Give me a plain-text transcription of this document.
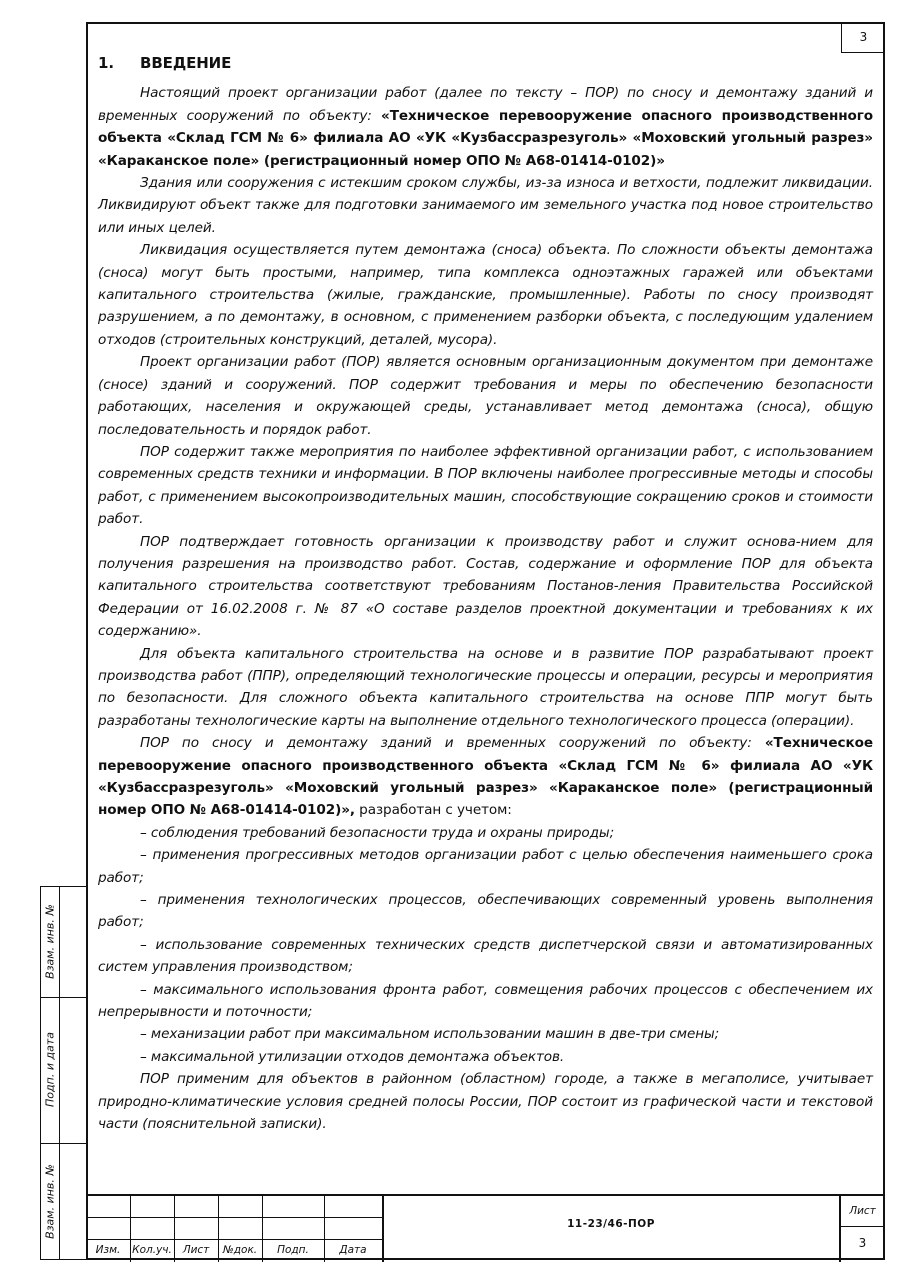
3

1. ВВЕДЕНИЕ

Настоящий проект организации работ (далее по тексту – ПОР) по сносу и демонтажу зданий и временных сооружений по объекту: «Техническое перевооружение опасного производственного объекта «Склад ГСМ № 6» филиала АО «УК «Кузбассразрезуголь» «Моховский угольный разрез» «Караканское поле» (регистрационный номер ОПО № А68-01414-0102)»

Здания или сооружения с истекшим сроком службы, из-за износа и ветхости, подлежит ликвидации. Ликвидируют объект также для подготовки занимаемого им земельного участка под новое строительство или иных целей.

Ликвидация осуществляется путем демонтажа (сноса) объекта. По сложности объекты демонтажа (сноса) могут быть простыми, например, типа комплекса одноэтажных гаражей или объектами капитального строительства (жилые, гражданские, промышленные). Работы по сносу производят разрушением, а по демонтажу, в основном, с применением разборки объекта, с последующим удалением отходов (строительных конструкций, деталей, мусора).

Проект организации работ (ПОР) является основным организационным документом при демонтаже (сносе) зданий и сооружений. ПОР содержит требования и меры по обеспечению безопасности работающих, населения и окружающей среды, устанавливает метод демонтажа (сноса), общую последовательность и порядок работ.

ПОР содержит также мероприятия по наиболее эффективной организации работ, с использованием современных средств техники и информации. В ПОР включены наиболее прогрессивные методы и способы работ, с применением высокопроизводительных машин, способствующие сокращению сроков и стоимости работ.

ПОР подтверждает готовность организации к производству работ и служит основа-нием для получения разрешения на производство работ. Состав, содержание и оформление ПОР для объекта капитального строительства соответствуют требованиям Постанов-ления Правительства Российской Федерации от 16.02.2008 г. № 87 «О составе разделов проектной документации и требованиях к их содержанию».

Для объекта капитального строительства на основе и в развитие ПОР разрабатывают проект производства работ (ППР), определяющий технологические процессы и операции, ресурсы и мероприятия по безопасности. Для сложного объекта капитального строительства на основе ППР могут быть разработаны технологические карты на выполнение отдельного технологического процесса (операции).

ПОР по сносу и демонтажу зданий и временных сооружений по объекту: «Техническое перевооружение опасного производственного объекта «Склад ГСМ № 6» филиала АО «УК «Кузбассразрезуголь» «Моховский угольный разрез» «Караканское поле» (регистрационный номер ОПО № А68-01414-0102)», разработан с учетом:

– соблюдения требований безопасности труда и охраны природы;

– применения прогрессивных методов организации работ с целью обеспечения наименьшего срока работ;

– применения технологических процессов, обеспечивающих современный уровень выполнения работ;

– использование современных технических средств диспетчерской связи и автоматизированных систем управления производством;

– максимального использования фронта работ, совмещения рабочих процессов с обеспечением их непрерывности и поточности;

– механизации работ при максимальном использовании машин в две-три смены;

– максимальной утилизации отходов демонтажа объектов.

ПОР применим для объектов в районном (областном) городе, а также в мегаполисе, учитывает природно-климатические условия средней полосы России, ПОР состоит из графической части и текстовой части (пояснительной записки).

Взам. инв. №
Подп. и дата
Взам. инв. №
Изм.	Кол.уч.	Лист	№док.	Подп.	Дата
11-23/46-ПОР
Лист
3
